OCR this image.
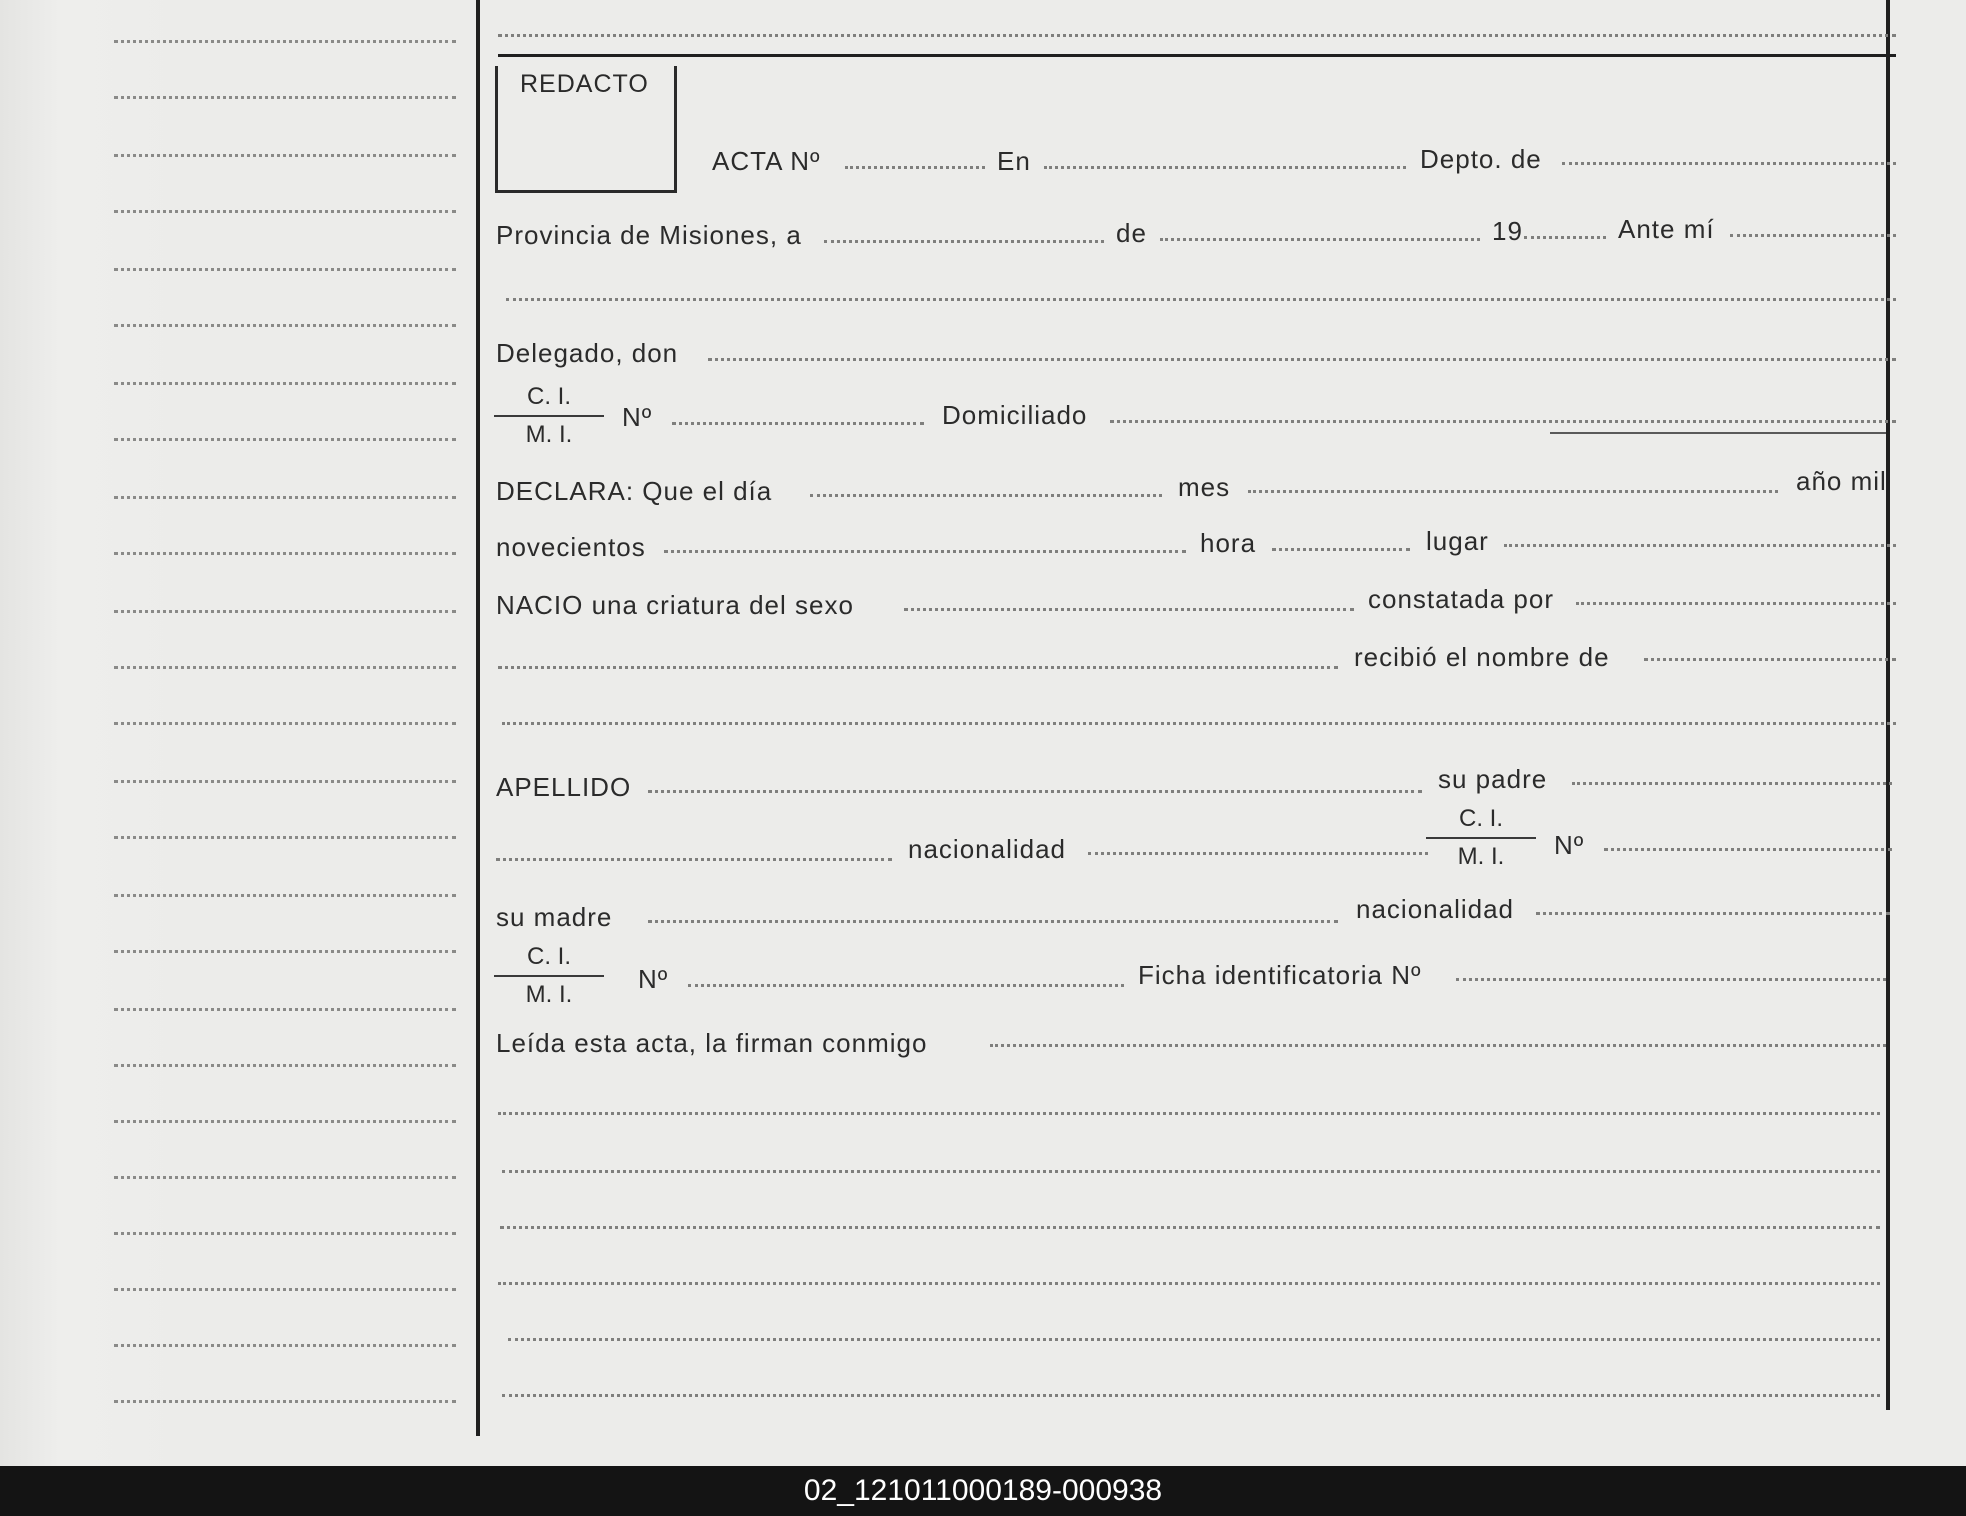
REDACTO
ACTA Nº	En	Depto. de
Provincia de Misiones, a	de	19	Ante mí
Delegado, don
C. I.
M. I.
Nº	Domiciliado
DECLARA: Que el día	mes	año mil
novecientos	hora	lugar
NACIO una criatura del sexo	constatada por
recibió el nombre de
APELLIDO	su padre
nacionalidad
C. I.
M. I.	Nº
su madre	nacionalidad
C. I.
M. I.
Nº	Ficha identificatoria Nº
Leída esta acta, la firman conmigo
02_121011000189-000938
